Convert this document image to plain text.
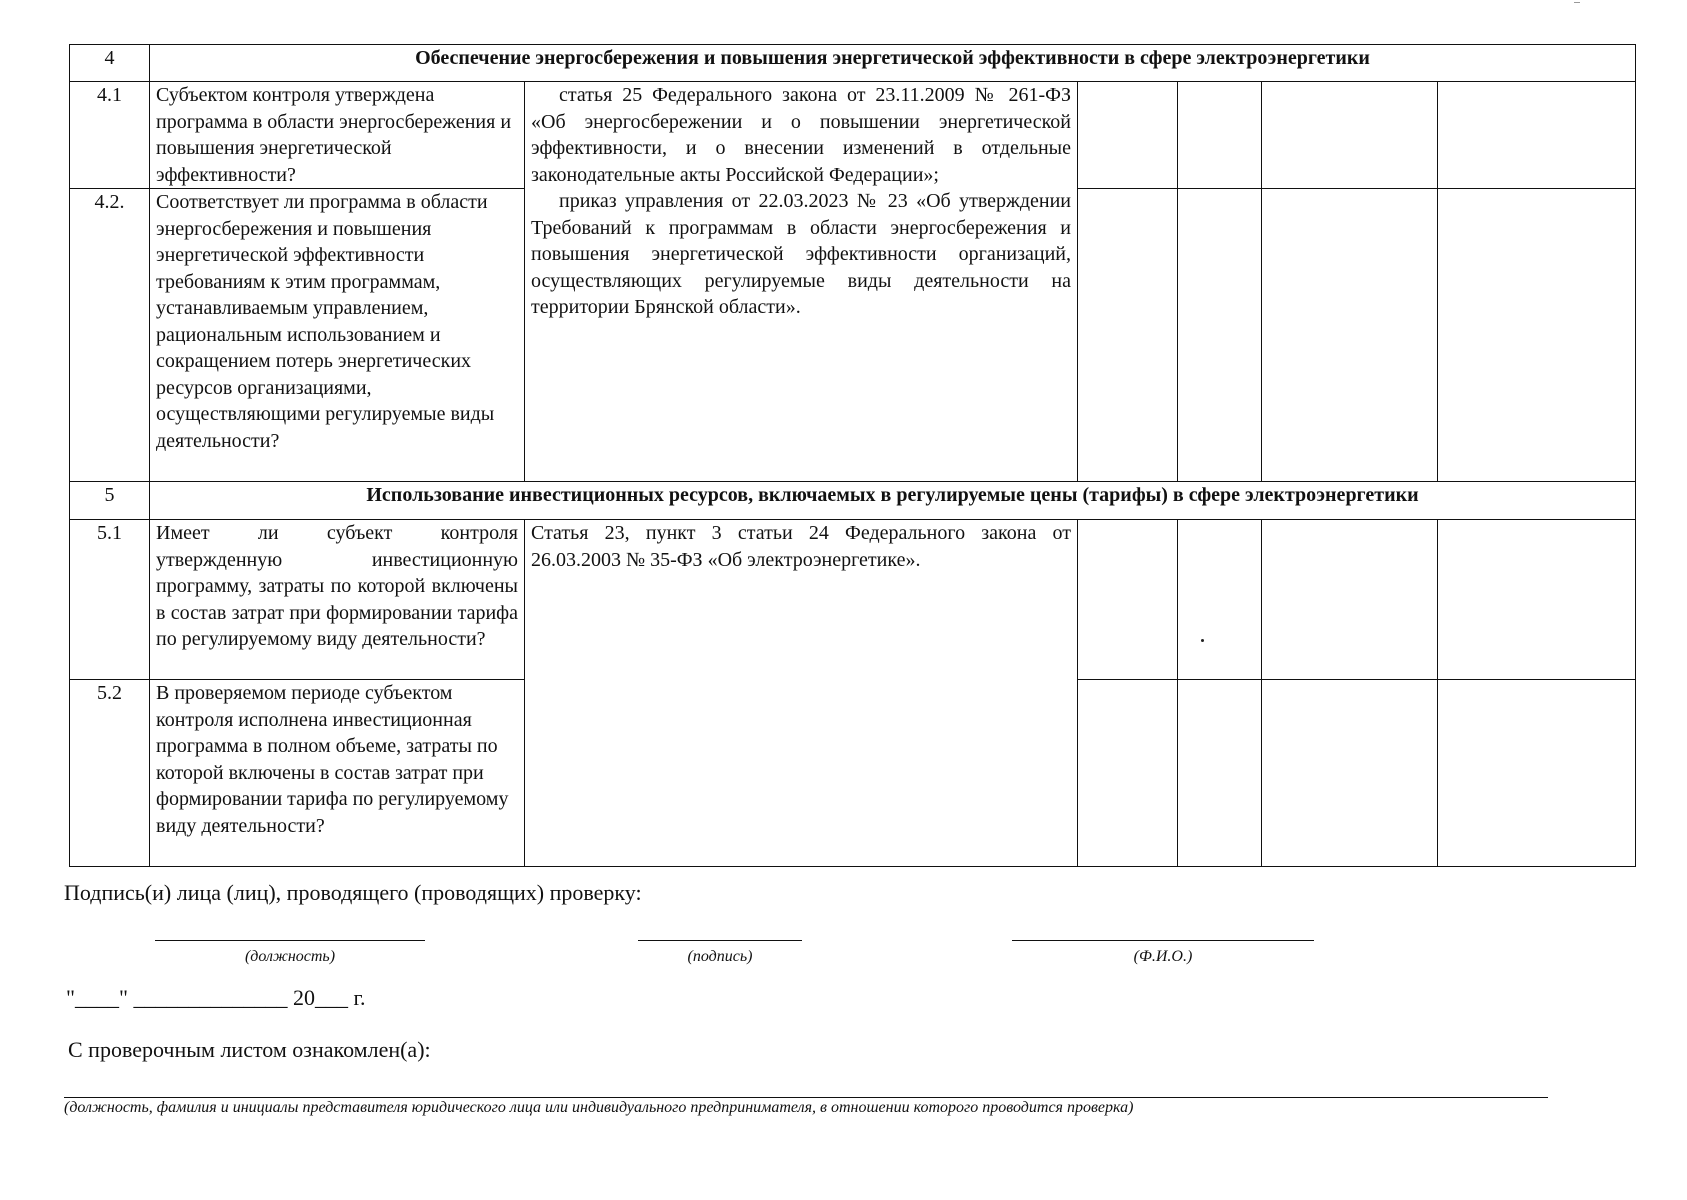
4	Обеспечение энергосбережения и повышения энергетической эффективности в сфере электроэнергетики					
4.1	Субъектом контроля утверждена программа в области энергосбережения и повышения энергетической эффективности?	статья 25 Федерального закона от 23.11.2009 № 261-ФЗ «Об энергосбережении и о повышении энергетической эффективности, и о внесении изменений в отдельные законодательные акты Российской Федерации»;

приказ управления от 22.03.2023 № 23 «Об утверждении Требований к программам в области энергосбережения и повышения энергетической эффективности организаций, осуществляющих регулируемые виды деятельности на территории Брянской области».				

4.2.	Соответствует ли программа в области энергосбережения и повышения энергетической эффективности требованиям к этим программам, устанавливаемым управлением, рациональным использованием и сокращением потерь энергетических ресурсов организациями, осуществляющими регулируемые виды деятельности?					
5	Использование инвестиционных ресурсов, включаемых в регулируемые цены (тарифы) в сфере электроэнергетики					
5.1	Имеет ли субъект контроля утвержденную инвестиционную программу, затраты по которой включены в состав затрат при формировании тарифа по регулируемому виду деятельности?	Статья 23, пункт 3 статьи 24 Федерального закона от 26.03.2003 № 35-ФЗ «Об электроэнергетике».				

5.2	В проверяемом периоде субъектом контроля исполнена инвестиционная программа в полном объеме, затраты по которой включены в состав затрат при формировании тарифа по регулируемому виду деятельности?					
Подпись(и) лица (лиц), проводящего (проводящих) проверку:
(должность)	(подпись)	(Ф.И.О.)
"____" ______________ 20___ г.
С проверочным листом ознакомлен(а):
(должность, фамилия и инициалы представителя юридического лица или индивидуального предпринимателя, в отношении которого проводится проверка)
